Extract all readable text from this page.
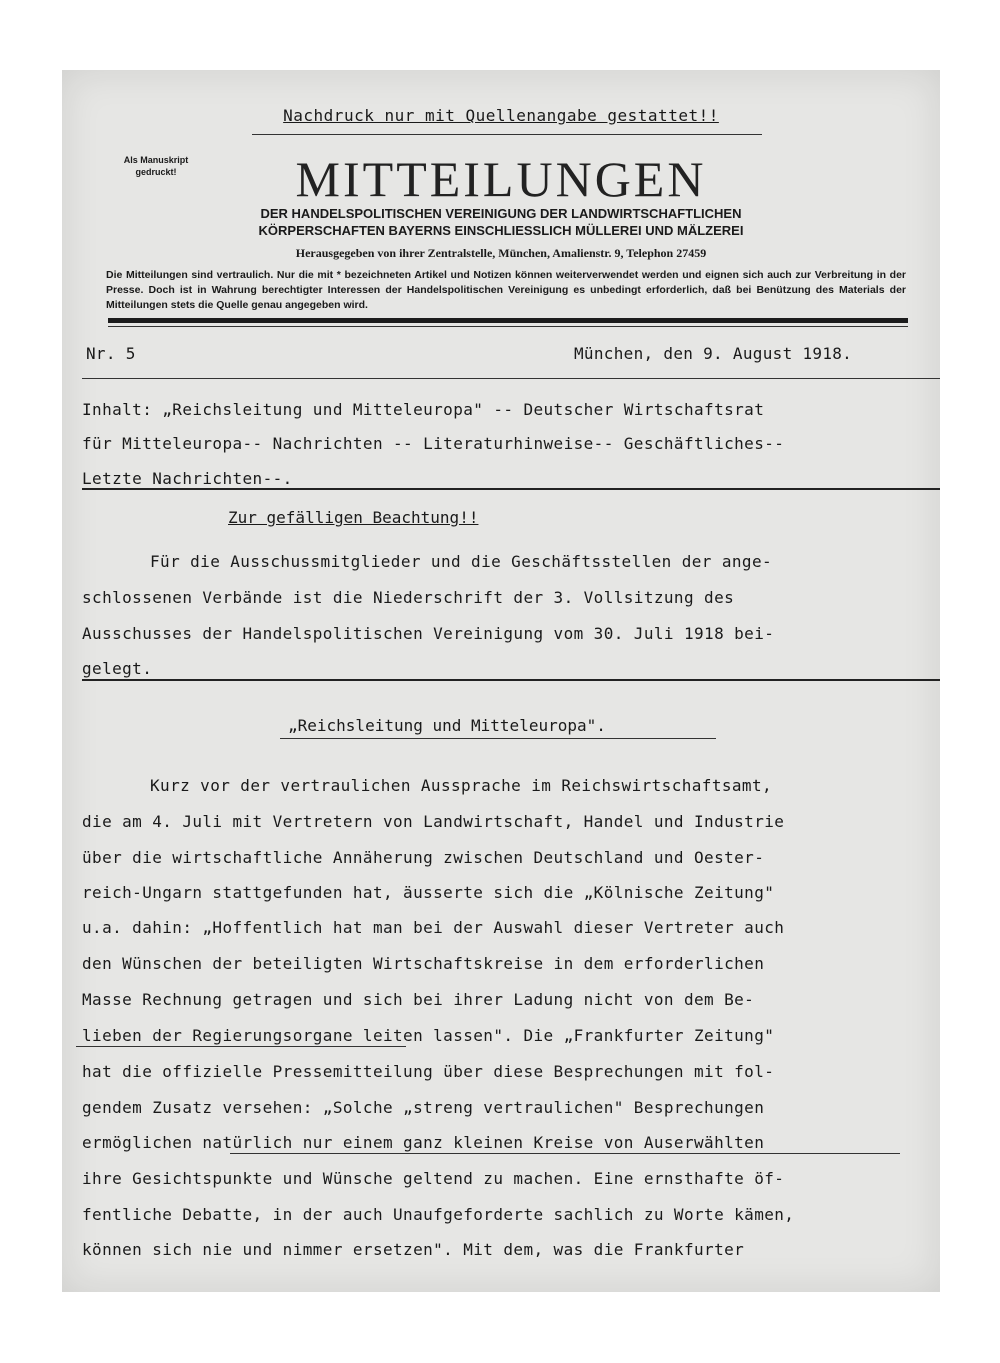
Nachdruck nur mit Quellenangabe gestattet!!
Als Manuskript
gedruckt!	MITTEILUNGEN
DER HANDELSPOLITISCHEN VEREINIGUNG DER LANDWIRTSCHAFTLICHEN
KÖRPERSCHAFTEN BAYERNS EINSCHLIESSLICH MÜLLEREI UND MÄLZEREI
Herausgegeben von ihrer Zentralstelle, München, Amalienstr. 9, Telephon 27459
Die Mitteilungen sind vertraulich. Nur die mit * bezeichneten Artikel und Notizen können weiterverwendet werden und eignen sich auch zur Verbreitung in der Presse. Doch ist in Wahrung berechtigter Interessen der Handelspolitischen Vereinigung es unbedingt erforderlich, daß bei Benützung des Materials der Mitteilungen stets die Quelle genau angegeben wird.
Nr. 5	München, den 9. August 1918.
Inhalt: „Reichsleitung und Mitteleuropa" -- Deutscher Wirtschaftsrat
für Mitteleuropa-- Nachrichten -- Literaturhinweise-- Geschäftliches--
Letzte Nachrichten--.
Zur gefälligen Beachtung!!
Für die Ausschussmitglieder und die Geschäftsstellen der ange-
schlossenen Verbände ist die Niederschrift der 3. Vollsitzung des
Ausschusses der Handelspolitischen Vereinigung vom 30. Juli 1918 bei-
gelegt.
„Reichsleitung und Mitteleuropa".
Kurz vor der vertraulichen Aussprache im Reichswirtschaftsamt,
die am 4. Juli mit Vertretern von Landwirtschaft, Handel und Industrie
über die wirtschaftliche Annäherung zwischen Deutschland und Oester-
reich-Ungarn stattgefunden hat, äusserte sich die „Kölnische Zeitung"
u.a. dahin: „Hoffentlich hat man bei der Auswahl dieser Vertreter auch
den Wünschen der beteiligten Wirtschaftskreise in dem erforderlichen
Masse Rechnung getragen und sich bei ihrer Ladung nicht von dem Be-
lieben der Regierungsorgane leiten lassen". Die „Frankfurter Zeitung"
hat die offizielle Pressemitteilung über diese Besprechungen mit fol-
gendem Zusatz versehen: „Solche „streng vertraulichen" Besprechungen
ermöglichen natürlich nur einem ganz kleinen Kreise von Auserwählten
ihre Gesichtspunkte und Wünsche geltend zu machen. Eine ernsthafte öf-
fentliche Debatte, in der auch Unaufgeforderte sachlich zu Worte kämen,
können sich nie und nimmer ersetzen". Mit dem, was die Frankfurter
